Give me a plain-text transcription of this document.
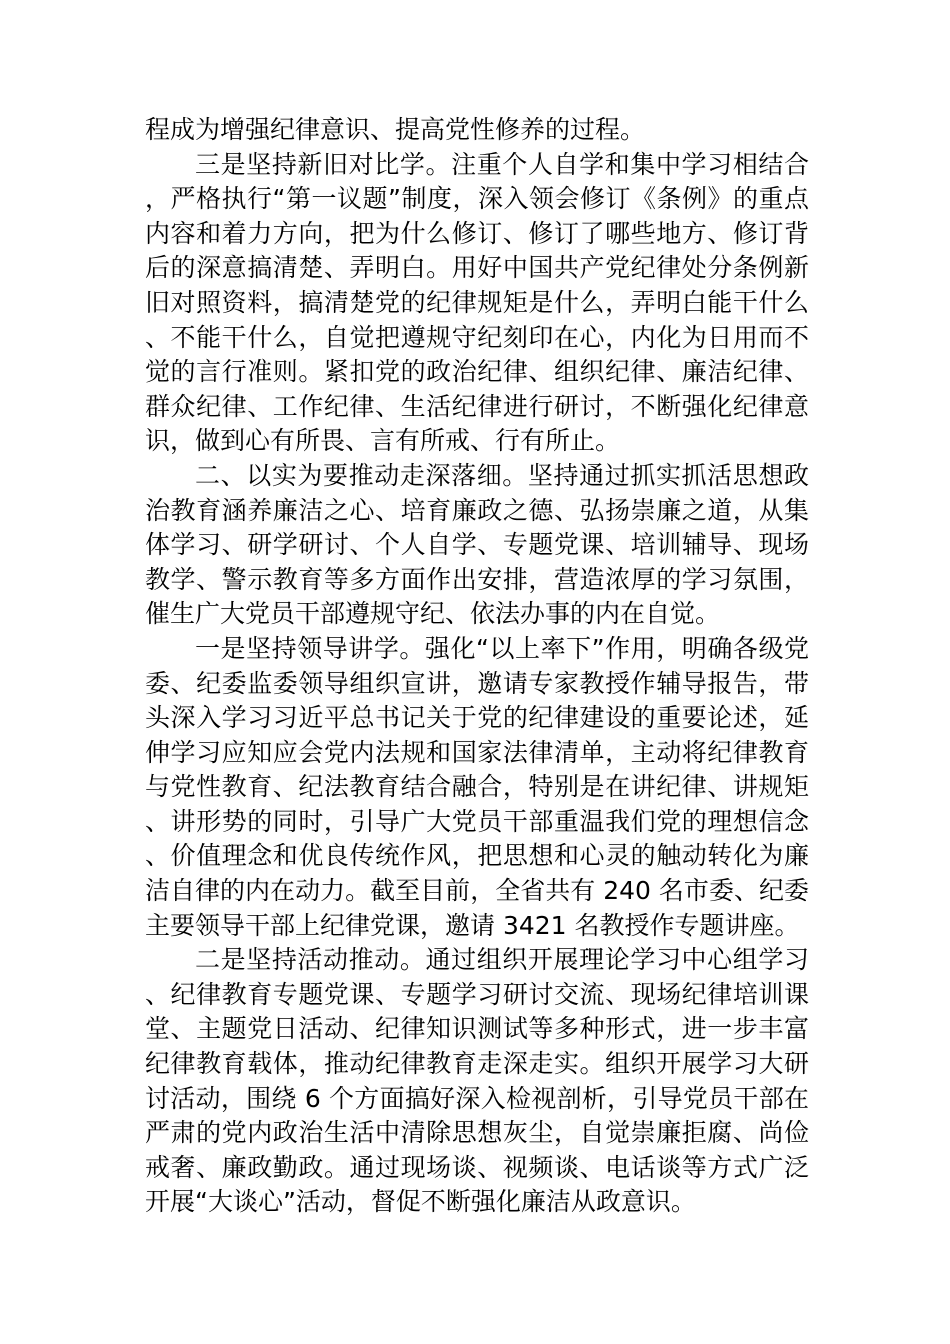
程成为增强纪律意识、提高党性修养的过程。

三是坚持新旧对比学。注重个人自学和集中学习相结合，严格执行“第一议题”制度，深入领会修订《条例》的重点内容和着力方向，把为什么修订、修订了哪些地方、修订背后的深意搞清楚、弄明白。用好中国共产党纪律处分条例新旧对照资料，搞清楚党的纪律规矩是什么，弄明白能干什么、不能干什么，自觉把遵规守纪刻印在心，内化为日用而不觉的言行准则。紧扣党的政治纪律、组织纪律、廉洁纪律、群众纪律、工作纪律、生活纪律进行研讨，不断强化纪律意识，做到心有所畏、言有所戒、行有所止。

二、以实为要推动走深落细。坚持通过抓实抓活思想政治教育涵养廉洁之心、培育廉政之德、弘扬崇廉之道，从集体学习、研学研讨、个人自学、专题党课、培训辅导、现场教学、警示教育等多方面作出安排，营造浓厚的学习氛围，催生广大党员干部遵规守纪、依法办事的内在自觉。

一是坚持领导讲学。强化“以上率下”作用，明确各级党委、纪委监委领导组织宣讲，邀请专家教授作辅导报告，带头深入学习习近平总书记关于党的纪律建设的重要论述，延伸学习应知应会党内法规和国家法律清单，主动将纪律教育与党性教育、纪法教育结合融合，特别是在讲纪律、讲规矩、讲形势的同时，引导广大党员干部重温我们党的理想信念、价值理念和优良传统作风，把思想和心灵的触动转化为廉洁自律的内在动力。截至目前，全省共有 240 名市委、纪委主要领导干部上纪律党课，邀请 3421 名教授作专题讲座。

二是坚持活动推动。通过组织开展理论学习中心组学习、纪律教育专题党课、专题学习研讨交流、现场纪律培训课堂、主题党日活动、纪律知识测试等多种形式，进一步丰富纪律教育载体，推动纪律教育走深走实。组织开展学习大研讨活动，围绕 6 个方面搞好深入检视剖析，引导党员干部在严肃的党内政治生活中清除思想灰尘，自觉崇廉拒腐、尚俭戒奢、廉政勤政。通过现场谈、视频谈、电话谈等方式广泛开展“大谈心”活动，督促不断强化廉洁从政意识。
